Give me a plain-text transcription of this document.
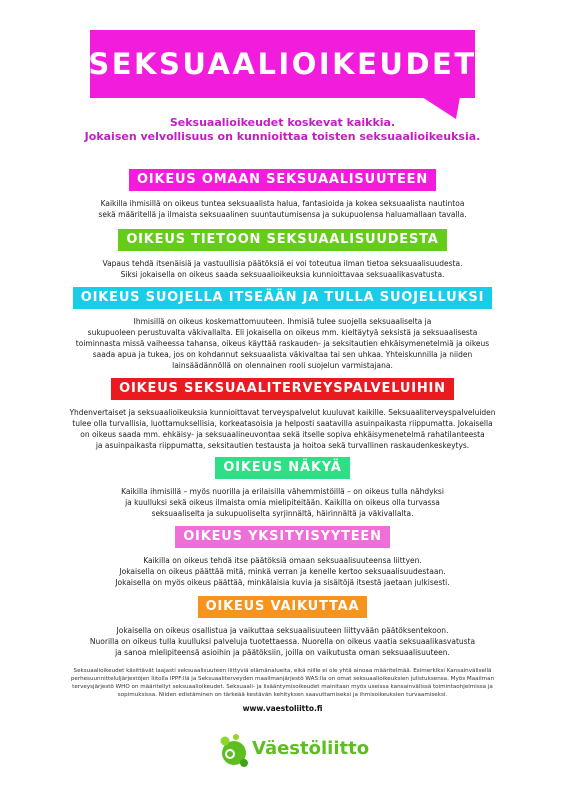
SEKSUAALIOIKEUDET
Seksuaalioikeudet koskevat kaikkia.
Jokaisen velvollisuus on kunnioittaa toisten seksuaalioikeuksia.
OIKEUS OMAAN SEKSUAALISUUTEEN
Kaikilla ihmisillä on oikeus tuntea seksuaalista halua, fantasioida ja kokea seksuaalista nautintoa
sekä määritellä ja ilmaista seksuaalinen suuntautumisensa ja sukupuolensa haluamallaan tavalla.
OIKEUS TIETOON SEKSUAALISUUDESTA
Vapaus tehdä itsenäisiä ja vastuullisia päätöksiä ei voi toteutua ilman tietoa seksuaalisuudesta.
Siksi jokaisella on oikeus saada seksuaalioikeuksia kunnioittavaa seksuaalikasvatusta.
OIKEUS SUOJELLA ITSEÄÄN JA TULLA SUOJELLUKSI
Ihmisillä on oikeus koskemattomuuteen. Ihmisiä tulee suojella seksuaaliselta ja
sukupuoleen perustuvalta väkivallalta. Eli jokaisella on oikeus mm. kieltäytyä seksistä ja seksuaalisesta
toiminnasta missä vaiheessa tahansa, oikeus käyttää raskauden- ja seksitautien ehkäisymenetelmiä ja oikeus
saada apua ja tukea, jos on kohdannut seksuaalista väkivaltaa tai sen uhkaa. Yhteiskunnilla ja niiden
lainsäädännöllä on olennainen rooli suojelun varmistajana.
OIKEUS SEKSUAALITERVEYSPALVELUIHIN
Yhdenvertaiset ja seksuaalioikeuksia kunnioittavat terveyspalvelut kuuluvat kaikille. Seksuaaliterveyspalveluiden
tulee olla turvallisia, luottamuksellisia, korkeatasoisia ja helposti saatavilla asuinpaikasta riippumatta. Jokaisella
on oikeus saada mm. ehkäisy- ja seksuaalineuvontaa sekä itselle sopiva ehkäisymenetelmä rahatilanteesta
ja asuinpaikasta riippumatta, seksitautien testausta ja hoitoa sekä turvallinen raskaudenkeskeytys.
OIKEUS NÄKYÄ
Kaikilla ihmisillä – myös nuorilla ja erilaisilla vähemmistöillä – on oikeus tulla nähdyksi
ja kuulluksi sekä oikeus ilmaista omia mielipiteitään. Kaikilla on oikeus olla turvassa
seksuaaliselta ja sukupuoliselta syrjinnältä, häirinnältä ja väkivallalta.
OIKEUS YKSITYISYYTEEN
Kaikilla on oikeus tehdä itse päätöksiä omaan seksuaalisuuteensa liittyen.
Jokaisella on oikeus päättää mitä, minkä verran ja kenelle kertoo seksuaalisuudestaan.
Jokaisella on myös oikeus päättää, minkälaisia kuvia ja sisältöjä itsestä jaetaan julkisesti.
OIKEUS VAIKUTTAA
Jokaisella on oikeus osallistua ja vaikuttaa seksuaalisuuteen liittyvään päätöksentekoon.
Nuorilla on oikeus tulla kuulluksi palveluja tuotettaessa. Nuorella on oikeus vaatia seksuaalikasvatusta
ja sanoa mielipiteensä asioihin ja päätöksiin, joilla on vaikutusta oman seksuaalisuuteen.
Seksuaalioikeudet käsittävät laajasti seksuaalisuuteen liittyviä elämänalueita, eikä niille ei ole yhtä ainoaa määritelmää. Esimerkiksi Kansainvälisellä
perhesuunnitteluljärjestöjen liitolla IPPF:llä ja Seksuaaliterveyden maailmanjärjestö WAS:lla on omat seksuaalioikeuksien julistuksensa. Myös Maailman
terveysjärjestö WHO on määritellyt seksuaalioikeudet. Seksuaali- ja lisääntymisoikeudet mainitaan myös useissa kansainvälissä toimintaohjelmissa ja
sopimuksissa. Niiden edistäminen on tärkeää kestävän kehityksen saavuttamiseksi ja ihmisoikeuksien turvaamiseksi.
www.vaestoliitto.fi
Väestöliitto
